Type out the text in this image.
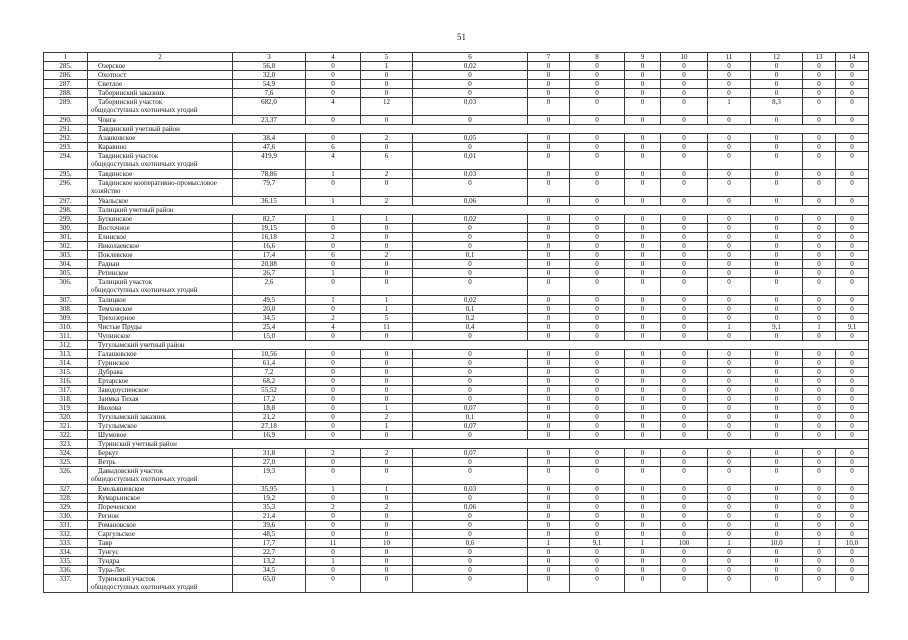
51
1	2	3	4	5	6	7	8	9	10	11	12	13	14
285.	Озерское	56,8	0	1	0,02	0	0	0	0	0	0	0	0
286.	Охотпост	32,0	0	0	0	0	0	0	0	0	0	0	0
287.	Светлое	54,9	0	0	0	0	0	0	0	0	0	0	0
288.	Таборинский заказник	7,6	0	0	0	0	0	0	0	0	0	0	0
289.	Таборинский участок
общедоступных охотничьих угодий	682,0	4	12	0,03	0	0	0	0	1	8,3	0	0
290.	Чонга	23,37	0	0	0	0	0	0	0	0	0	0	0
291.	Тавдинский учетный район												
292.	Азанковское	38,4	0	2	0,05	0	0	0	0	0	0	0	0
293.	Каравино	47,6	6	0	0	0	0	0	0	0	0	0	0
294.	Тавдинский участок
общедоступных охотничьих угодий	419,9	4	6	0,01	0	0	0	0	0	0	0	0
295.	Тавдинское	78,86	1	2	0,03	0	0	0	0	0	0	0	0
296.	Тавдинское кооперативно-промысловое
хозяйство	79,7	0	0	0	0	0	0	0	0	0	0	0
297.	Увальское	36,15	1	2	0,06	0	0	0	0	0	0	0	0
298.	Талицкий учетный район												
299.	Буткинское	82,7	1	1	0,02	0	0	0	0	0	0	0	0
300.	Восточное	19,15	0	0	0	0	0	0	0	0	0	0	0
301.	Елинское	16,18	2	0	0	0	0	0	0	0	0	0	0
302.	Николаевское	16,6	0	0	0	0	0	0	0	0	0	0	0
303.	Поклевское	17,4	6	2	0,1	0	0	0	0	0	0	0	0
304.	Радиан	20,88	0	0	0	0	0	0	0	0	0	0	0
305.	Ретинское	26,7	1	0	0	0	0	0	0	0	0	0	0
306.	Талицкий участок
общедоступных охотничьих угодий	2,6	0	0	0	0	0	0	0	0	0	0	0
307.	Талицкое	49,5	1	1	0,02	0	0	0	0	0	0	0	0
308.	Темховское	20,0	0	1	0,1	0	0	0	0	0	0	0	0
309.	Трехозерное	34,5	2	5	0,2	0	0	0	0	0	0	0	0
310.	Чистые Пруды	25,4	4	11	0,4	0	0	0	0	1	9,1	1	9,1
311.	Чупинское	15,0	0	0	0	0	0	0	0	0	0	0	0
312.	Тугулымский учетный район												
313.	Галашовское	10,56	0	0	0	0	0	0	0	0	0	0	0
314.	Гуринское	61,4	0	0	0	0	0	0	0	0	0	0	0
315.	Дубрава	7,2	0	0	0	0	0	0	0	0	0	0	0
316.	Ертарское	68,2	0	0	0	0	0	0	0	0	0	0	0
317.	Заводоуспенское	55,52	0	0	0	0	0	0	0	0	0	0	0
318.	Заимка Тихая	17,2	0	0	0	0	0	0	0	0	0	0	0
319.	Нюхова	18,8	0	1	0,07	0	0	0	0	0	0	0	0
320.	Тугулымский заказник	21,2	0	2	0,1	0	0	0	0	0	0	0	0
321.	Тугулымское	27,18	0	1	0,07	0	0	0	0	0	0	0	0
322.	Шумовое	16,9	0	0	0	0	0	0	0	0	0	0	0
323.	Туринский учетный район												
324.	Беркут	31,8	2	2	0,07	0	0	0	0	0	0	0	0
325.	Ветрь	27,0	0	0	0	0	0	0	0	0	0	0	0
326.	Давыдовский участок
общедоступных охотничьих угодий	19,3	0	0	0	0	0	0	0	0	0	0	0
327.	Емельяшевское	35,95	1	1	0,03	0	0	0	0	0	0	0	0
328.	Кумарьинское	19,2	0	0	0	0	0	0	0	0	0	0	0
329.	Пореченское	35,3	2	2	0,06	0	0	0	0	0	0	0	0
330.	Регион	21,4	0	0	0	0	0	0	0	0	0	0	0
331.	Романовское	39,6	0	0	0	0	0	0	0	0	0	0	0
332.	Саргульское	48,5	0	0	0	0	0	0	0	0	0	0	0
333.	Тавр	17,7	11	10	0,6	1	9,1	1	100	1	10,0	1	10,0
334.	Тунгус	22,7	0	0	0	0	0	0	0	0	0	0	0
335.	Тундра	13,2	1	0	0	0	0	0	0	0	0	0	0
336.	Тура-Лес	34,5	0	0	0	0	0	0	0	0	0	0	0
337.	Туринский участок
общедоступных охотничьих угодий	65,0	0	0	0	0	0	0	0	0	0	0	0
